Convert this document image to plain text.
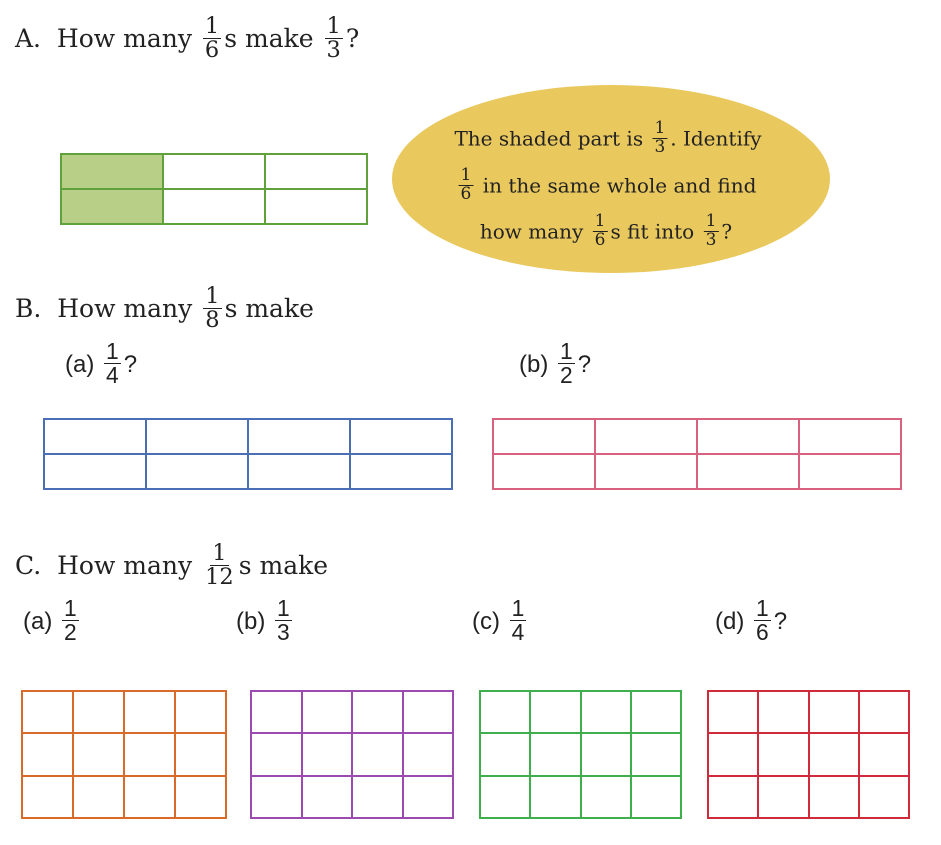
A. How many $\frac{1}{6}$ s make $\frac{1}{3}$ ?
The shaded part is $\frac{1}{3}$ . Identify
$\frac{1}{6}$ in the same whole and find
how many $\frac{1}{6}$ s fit into $\frac{1}{3}$ ?
B. How many $\frac{1}{8}$ s make
$(a) \frac{1}{4}$ ?	$(b) \frac{1}{2}$ ?
C. How many $\frac{1}{12}$ s make
$(a) \frac{1}{2}$	$(b) \frac{1}{3}$	$(c) \frac{1}{4}$	$(d) \frac{1}{6}$ ?
